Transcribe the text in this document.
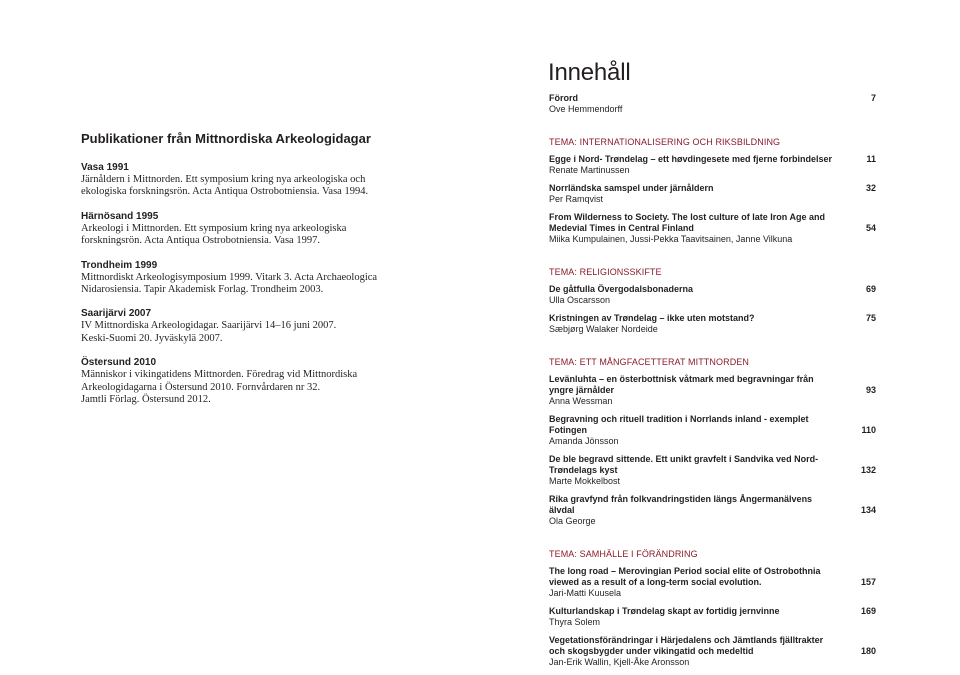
Publikationer från Mittnordiska Arkeologidagar
Vasa 1991
Järnåldern i Mittnorden. Ett symposium kring nya arkeologiska och
ekologiska forskningsrön. Acta Antiqua Ostrobotniensia. Vasa 1994.
Härnösand 1995
Arkeologi i Mittnorden. Ett symposium kring nya arkeologiska
forskningsrön. Acta Antiqua Ostrobotniensia. Vasa 1997.
Trondheim 1999
Mittnordiskt Arkeologisymposium 1999. Vitark 3. Acta Archaeologica
Nidarosiensia. Tapir Akademisk Forlag. Trondheim 2003.
Saarijärvi 2007
IV Mittnordiska Arkeologidagar. Saarijärvi 14–16 juni 2007.
Keski-Suomi 20. Jyväskylä 2007.
Östersund 2010
Människor i vikingatidens Mittnorden. Föredrag vid Mittnordiska
Arkeologidagarna i Östersund 2010. Fornvårdaren nr 32.
Jamtli Förlag. Östersund 2012.
Innehåll
Förord
Ove Hemmendorff
7
TEMA: INTERNATIONALISERING OCH RIKSBILDNING
Egge i Nord- Trøndelag – ett høvdingesete med fjerne forbindelser
Renate Martinussen
11
Norrländska samspel under järnåldern
Per Ramqvist
32
From Wilderness to Society. The lost culture of late Iron Age and Medevial Times in Central Finland
Miika Kumpulainen, Jussi-Pekka Taavitsainen, Janne Vilkuna
54
TEMA: RELIGIONSSKIFTE
De gåtfulla Övergodalsbonaderna
Ulla Oscarsson
69
Kristningen av Trøndelag – ikke uten motstand?
Sæbjørg Walaker Nordeide
75
TEMA: ETT MÅNGFACETTERAT MITTNORDEN
Levänluhta – en österbottnisk våtmark med begravningar från yngre järnålder
Anna Wessman
93
Begravning och rituell tradition i Norrlands inland - exemplet Fotingen
Amanda Jönsson
110
De ble begravd sittende. Ett unikt gravfelt i Sandvika ved Nord-Trøndelags kyst
Marte Mokkelbost
132
Rika gravfynd från folkvandringstiden längs Ångermanälvens älvdal
Ola George
134
TEMA: SAMHÄLLE I FÖRÄNDRING
The long road – Merovingian Period social elite of Ostrobothnia viewed as a result of a long-term social evolution.
Jari-Matti Kuusela
157
Kulturlandskap i Trøndelag skapt av fortidig jernvinne
Thyra Solem
169
Vegetationsförändringar i Härjedalens och Jämtlands fjälltrakter och skogsbygder under vikingatid och medeltid
Jan-Erik Wallin, Kjell-Åke Aronsson
180
